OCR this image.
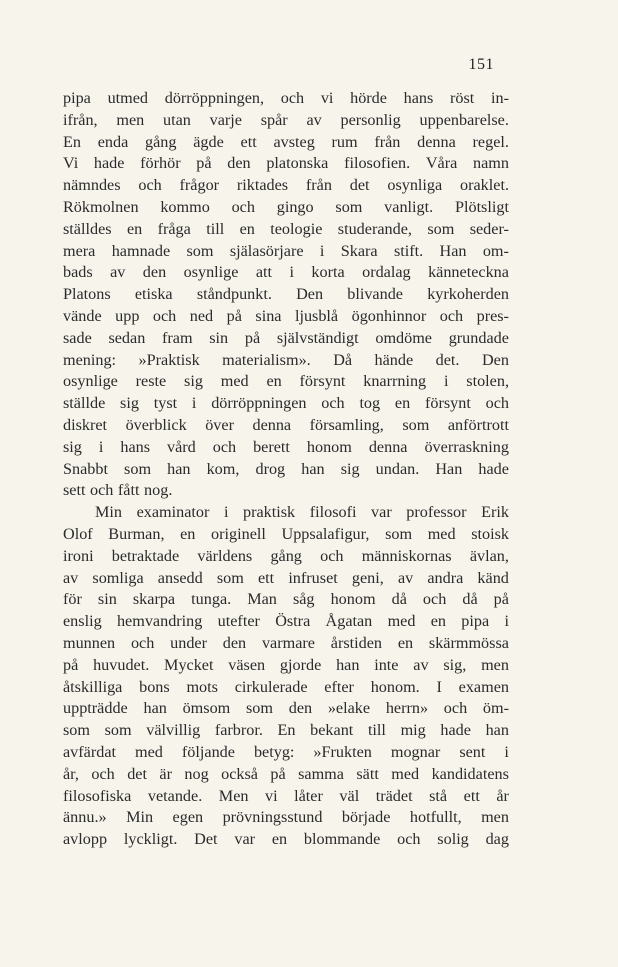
151
pipa utmed dörröppningen, och vi hörde hans röst in-
ifrån, men utan varje spår av personlig uppenbarelse.
En enda gång ägde ett avsteg rum från denna regel.
Vi hade förhör på den platonska filosofien. Våra namn
nämndes och frågor riktades från det osynliga oraklet.
Rökmolnen kommo och gingo som vanligt. Plötsligt
ställdes en fråga till en teologie studerande, som seder-
mera hamnade som själasörjare i Skara stift. Han om-
bads av den osynlige att i korta ordalag känneteckna
Platons etiska ståndpunkt. Den blivande kyrkoherden
vände upp och ned på sina ljusblå ögonhinnor och pres-
sade sedan fram sin på självständigt omdöme grundade
mening: »Praktisk materialism». Då hände det. Den
osynlige reste sig med en försynt knarrning i stolen,
ställde sig tyst i dörröppningen och tog en försynt och
diskret överblick över denna församling, som anförtrott
sig i hans vård och berett honom denna överraskning
Snabbt som han kom, drog han sig undan. Han hade
sett och fått nog.
Min examinator i praktisk filosofi var professor Erik
Olof Burman, en originell Uppsalafigur, som med stoisk
ironi betraktade världens gång och människornas ävlan,
av somliga ansedd som ett infruset geni, av andra känd
för sin skarpa tunga. Man såg honom då och då på
enslig hemvandring utefter Östra Ågatan med en pipa i
munnen och under den varmare årstiden en skärmmössa
på huvudet. Mycket väsen gjorde han inte av sig, men
åtskilliga bons mots cirkulerade efter honom. I examen
uppträdde han ömsom som den »elake herrn» och öm-
som som välvillig farbror. En bekant till mig hade han
avfärdat med följande betyg: »Frukten mognar sent i
år, och det är nog också på samma sätt med kandidatens
filosofiska vetande. Men vi låter väl trädet stå ett år
ännu.» Min egen prövningsstund började hotfullt, men
avlopp lyckligt. Det var en blommande och solig dag
